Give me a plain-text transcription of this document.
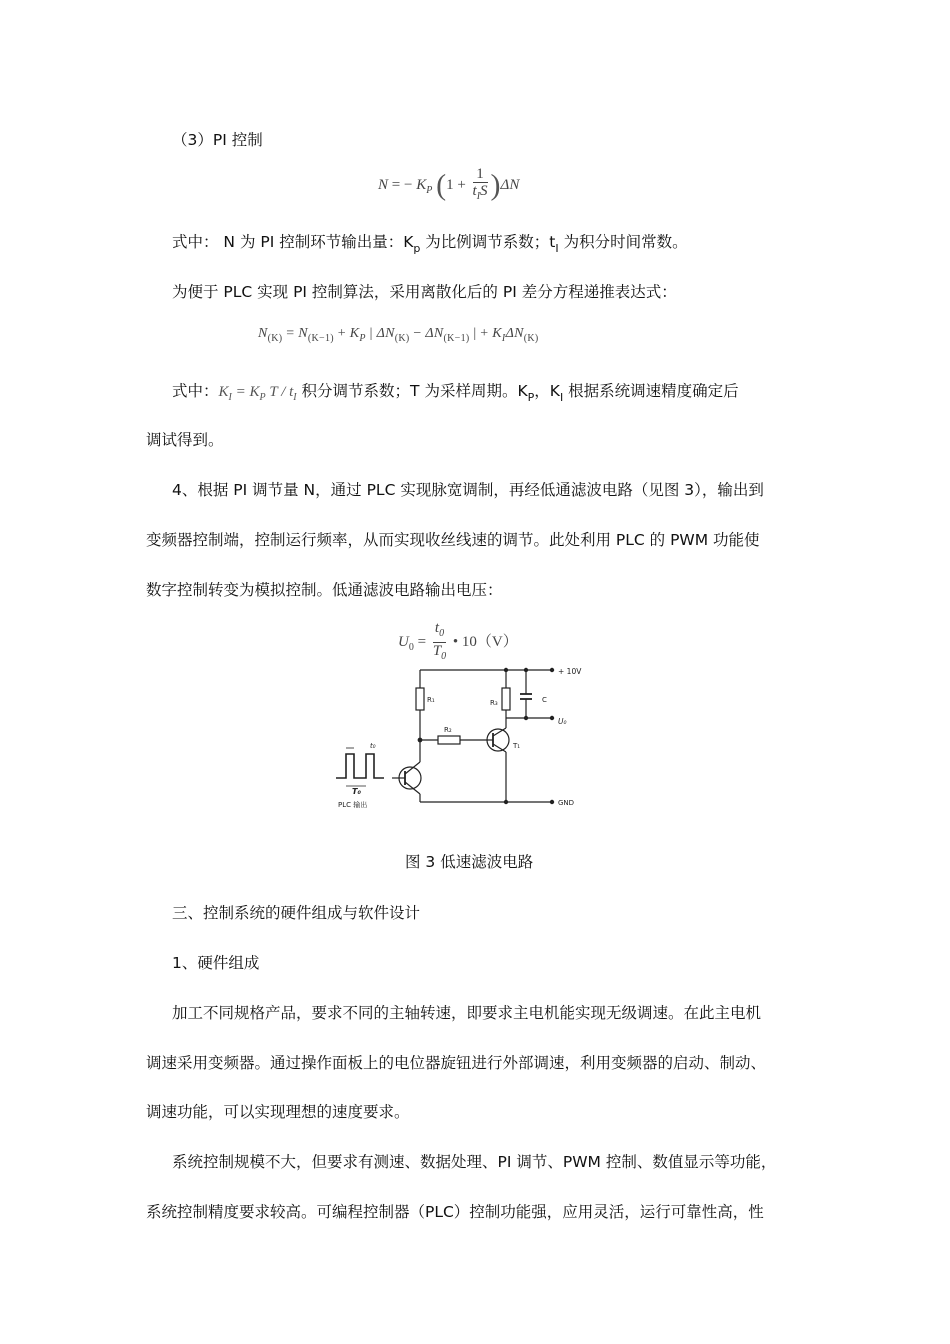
（3）PI 控制
N = − $K_P$ $(1 + \frac{1}{t_IS} )\Delta N$
式中： N 为 PI 控制环节输出量：$K_p$ 为比例调节系数；$t_I$ 为积分时间常数。
为便于 PLC 实现 PI 控制算法，采用离散化后的 PI 差分方程递推表达式：
$N_{(K)} = N_{(K-1)} + K_P$ | $\Delta N_{(K)} - \Delta N_{(K-1)}$ | + $K_I\Delta N_{(K)}$
式中：$K_I = K_P$ T / $t_I$ 积分调节系数；T 为采样周期。$K_P$，$K_I$ 根据系统调速精度确定后
调试得到。
4、根据 PI 调节量 N，通过 PLC 实现脉宽调制，再经低通滤波电路（见图 3），输出到
变频器控制端，控制运行频率，从而实现收丝线速的调节。此处利用 PLC 的 PWM 功能使
数字控制转变为模拟控制。低通滤波电路输出电压：
$U_0 = \frac{t_0}{T_0}$ • 10（V）
+ 10V
R₁
R₂
T₁
R₃	C
U₀
GND
t₀
T₀
PLC 输出
图 3 低速滤波电路
三、控制系统的硬件组成与软件设计
1、硬件组成
加工不同规格产品，要求不同的主轴转速，即要求主电机能实现无级调速。在此主电机
调速采用变频器。通过操作面板上的电位器旋钮进行外部调速，利用变频器的启动、制动、
调速功能，可以实现理想的速度要求。
系统控制规模不大，但要求有测速、数据处理、PI 调节、PWM 控制、数值显示等功能，
系统控制精度要求较高。可编程控制器（PLC）控制功能强，应用灵活，运行可靠性高，性
